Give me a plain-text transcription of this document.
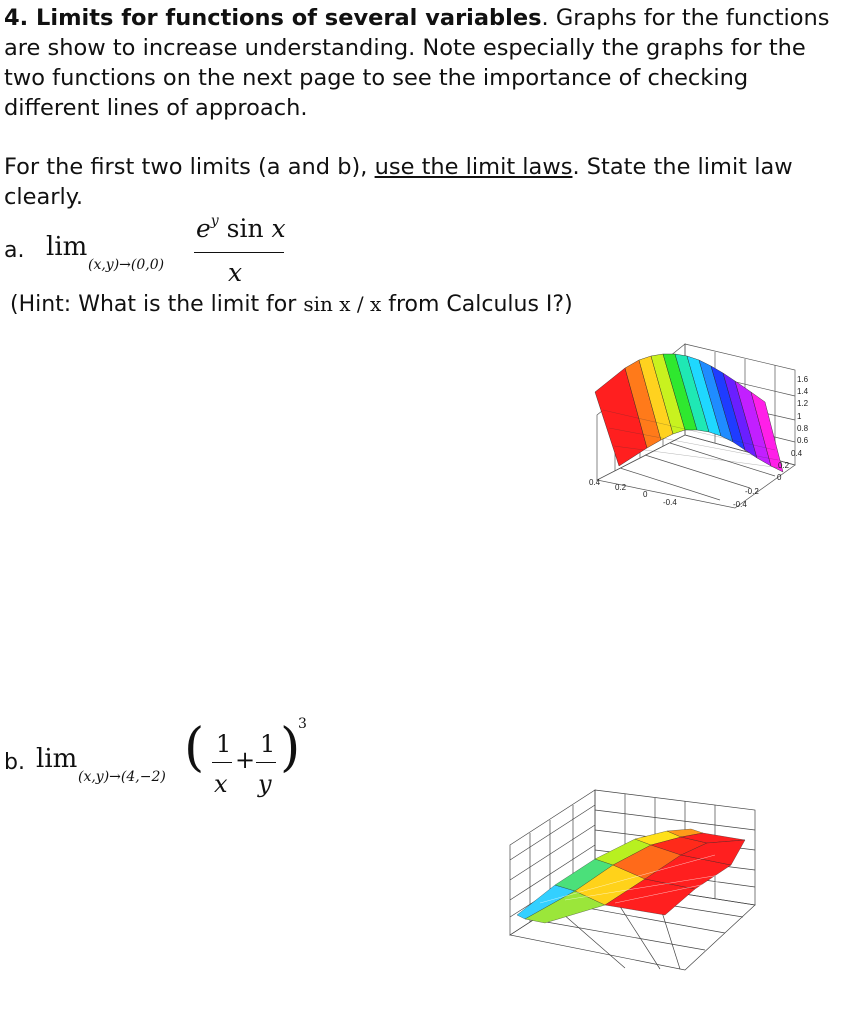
4. Limits for functions of several variables. Graphs for the functions are show to increase understanding. Note especially the graphs for the two functions on the next page to see the importance of checking different lines of approach.

For the first two limits (a and b), use the limit laws. State the limit law clearly.

a. lim
(x,y)→(0,0)
$e^y$ sin x
x
(Hint: What is the limit for sin x / x from Calculus I?)
1.6
1.4
1.2
1
0.8
0.6
0.4
0.2
0.4
0.2
0
-0.4
0
-0.2
-0.4
b. lim
(x,y)→(4,−2) ( 1
x
+
1
y
)
3
